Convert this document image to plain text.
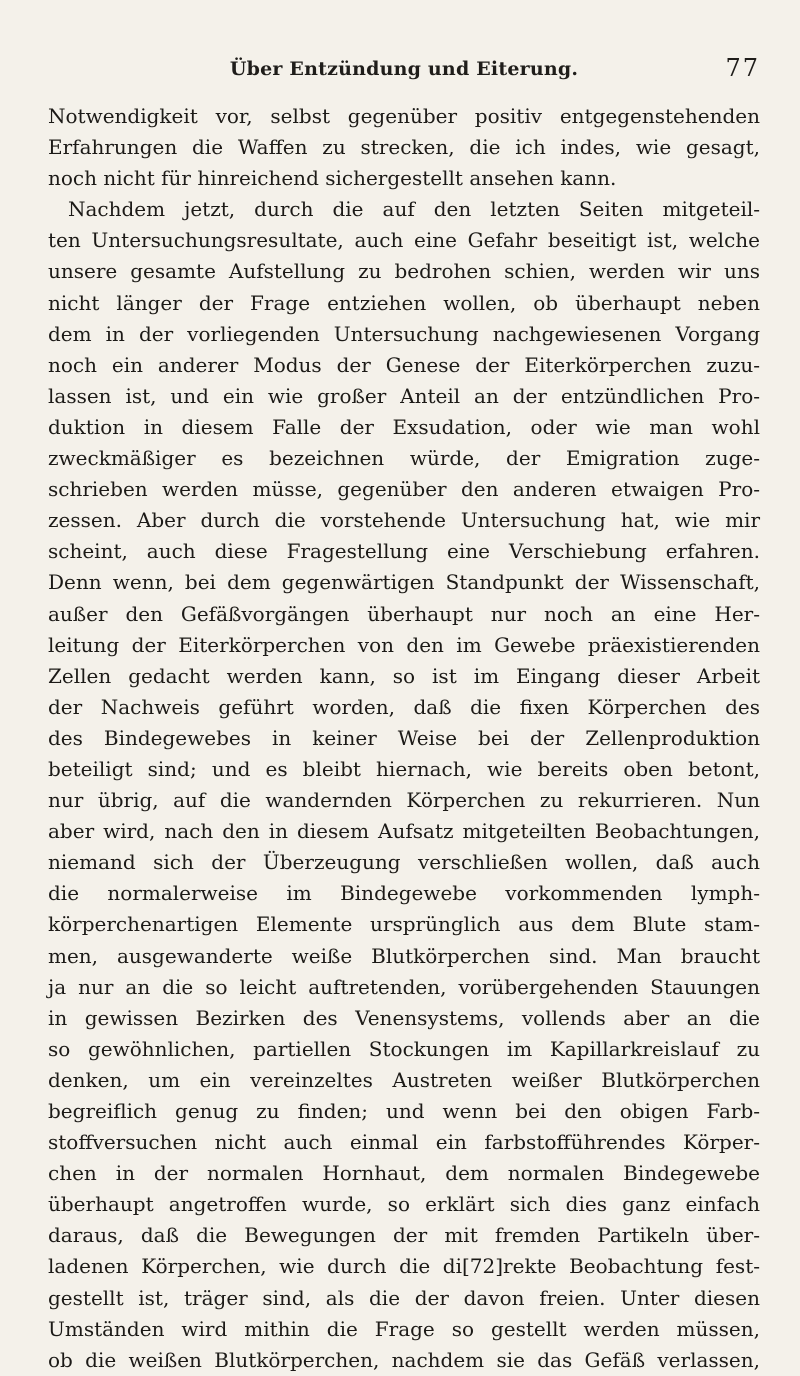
Über Entzündung und Eiterung.	77
Notwendigkeit vor, selbst gegenüber positiv entgegenstehenden
Erfahrungen die Waffen zu strecken, die ich indes, wie gesagt,
noch nicht für hinreichend sichergestellt ansehen kann.
Nachdem jetzt, durch die auf den letzten Seiten mitgeteil-
ten Untersuchungsresultate, auch eine Gefahr beseitigt ist, welche
unsere gesamte Aufstellung zu bedrohen schien, werden wir uns
nicht länger der Frage entziehen wollen, ob überhaupt neben
dem in der vorliegenden Untersuchung nachgewiesenen Vorgang
noch ein anderer Modus der Genese der Eiterkörperchen zuzu-
lassen ist, und ein wie großer Anteil an der entzündlichen Pro-
duktion in diesem Falle der Exsudation, oder wie man wohl
zweckmäßiger es bezeichnen würde, der Emigration zuge-
schrieben werden müsse, gegenüber den anderen etwaigen Pro-
zessen. Aber durch die vorstehende Untersuchung hat, wie mir
scheint, auch diese Fragestellung eine Verschiebung erfahren.
Denn wenn, bei dem gegenwärtigen Standpunkt der Wissenschaft,
außer den Gefäßvorgängen überhaupt nur noch an eine Her-
leitung der Eiterkörperchen von den im Gewebe präexistierenden
Zellen gedacht werden kann, so ist im Eingang dieser Arbeit
der Nachweis geführt worden, daß die fixen Körperchen des
des Bindegewebes in keiner Weise bei der Zellenproduktion
beteiligt sind; und es bleibt hiernach, wie bereits oben betont,
nur übrig, auf die wandernden Körperchen zu rekurrieren. Nun
aber wird, nach den in diesem Aufsatz mitgeteilten Beobachtungen,
niemand sich der Überzeugung verschließen wollen, daß auch
die normalerweise im Bindegewebe vorkommenden lymph-
körperchenartigen Elemente ursprünglich aus dem Blute stam-
men, ausgewanderte weiße Blutkörperchen sind. Man braucht
ja nur an die so leicht auftretenden, vorübergehenden Stauungen
in gewissen Bezirken des Venensystems, vollends aber an die
so gewöhnlichen, partiellen Stockungen im Kapillarkreislauf zu
denken, um ein vereinzeltes Austreten weißer Blutkörperchen
begreiflich genug zu finden; und wenn bei den obigen Farb-
stoffversuchen nicht auch einmal ein farbstofführendes Körper-
chen in der normalen Hornhaut, dem normalen Bindegewebe
überhaupt angetroffen wurde, so erklärt sich dies ganz einfach
daraus, daß die Bewegungen der mit fremden Partikeln über-
ladenen Körperchen, wie durch die di[72]rekte Beobachtung fest-
gestellt ist, träger sind, als die der davon freien. Unter diesen
Umständen wird mithin die Frage so gestellt werden müssen,
ob die weißen Blutkörperchen, nachdem sie das Gefäß verlassen,
